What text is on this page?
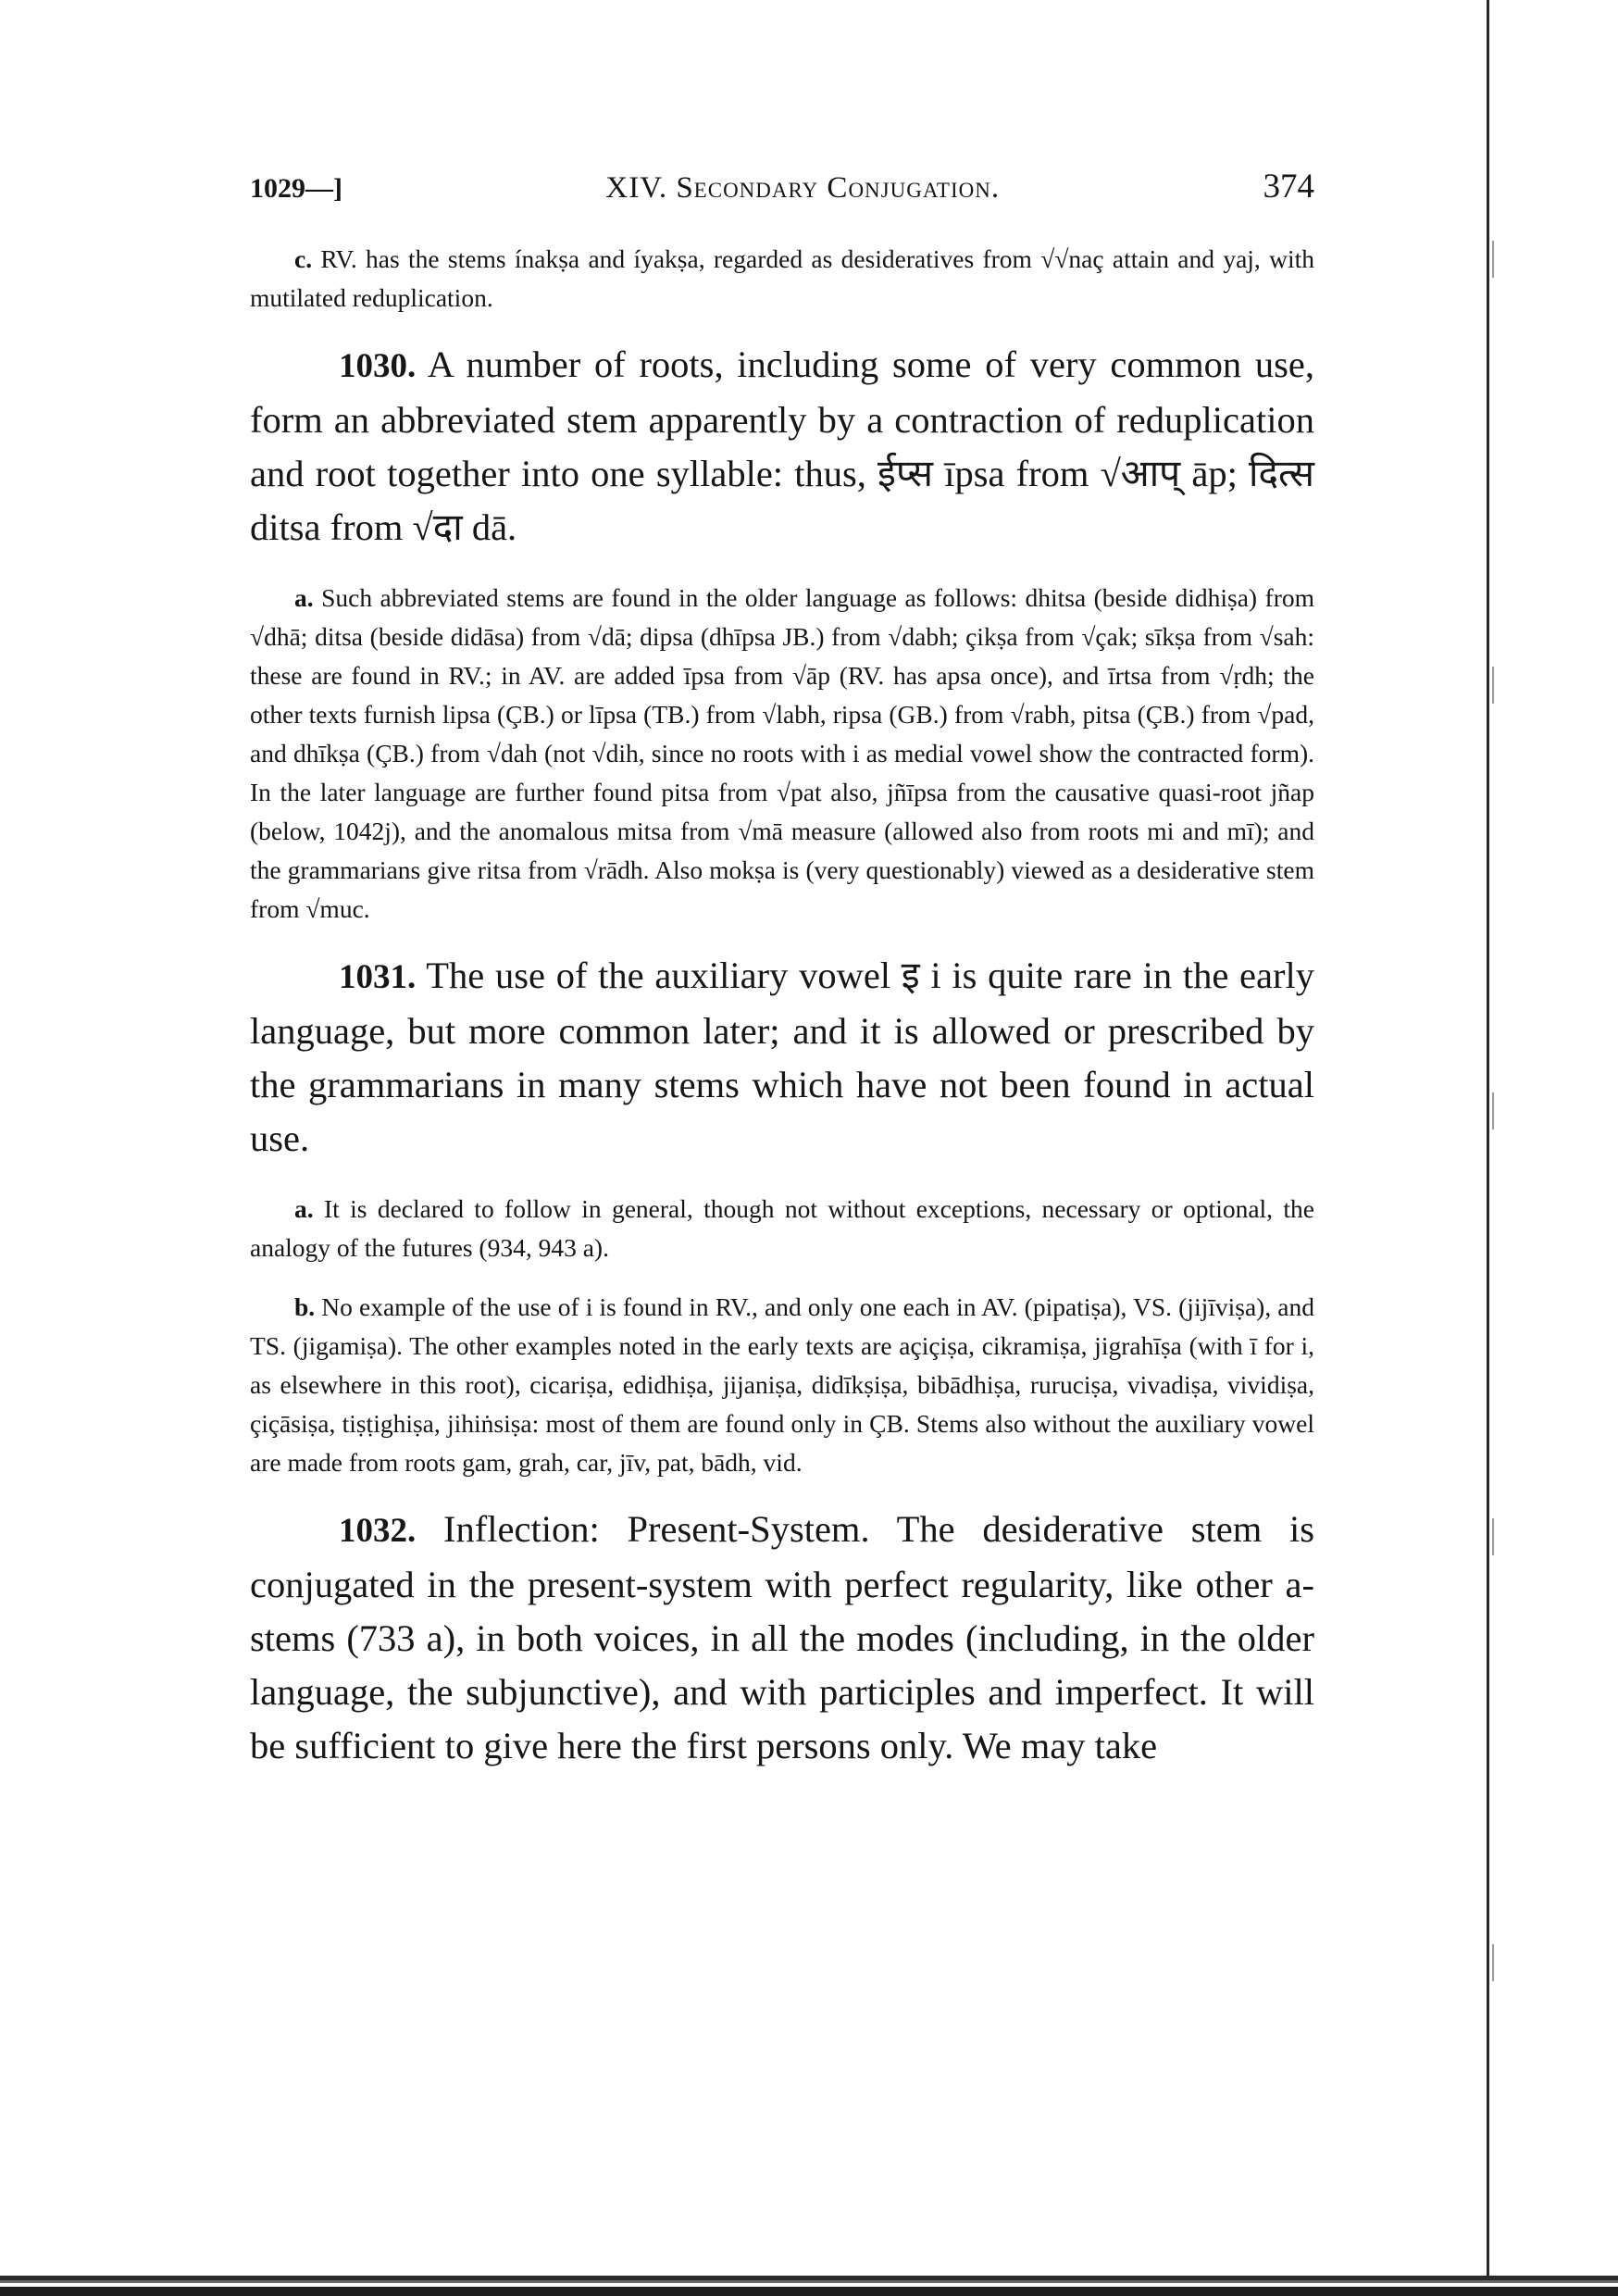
1029—]	XIV. Secondary Conjugation.	374

c. RV. has the stems ínakṣa and íyakṣa, regarded as desideratives from √√naç attain and yaj, with mutilated reduplication.

1030. A number of roots, including some of very common use, form an abbreviated stem apparently by a contraction of reduplication and root together into one syllable: thus, ईप्स īpsa from √आप् āp; दित्स ditsa from √दा dā.

a. Such abbreviated stems are found in the older language as follows: dhitsa (beside didhiṣa) from √dhā; ditsa (beside didāsa) from √dā; dipsa (dhīpsa JB.) from √dabh; çikṣa from √çak; sīkṣa from √sah: these are found in RV.; in AV. are added īpsa from √āp (RV. has apsa once), and īrtsa from √ṛdh; the other texts furnish lipsa (ÇB.) or līpsa (TB.) from √labh, ripsa (GB.) from √rabh, pitsa (ÇB.) from √pad, and dhīkṣa (ÇB.) from √dah (not √dih, since no roots with i as medial vowel show the contracted form). In the later language are further found pitsa from √pat also, jñīpsa from the causative quasi-root jñap (below, 1042j), and the anomalous mitsa from √mā measure (allowed also from roots mi and mī); and the grammarians give ritsa from √rādh. Also mokṣa is (very questionably) viewed as a desiderative stem from √muc.

1031. The use of the auxiliary vowel इ i is quite rare in the early language, but more common later; and it is allowed or prescribed by the grammarians in many stems which have not been found in actual use.

a. It is declared to follow in general, though not without exceptions, necessary or optional, the analogy of the futures (934, 943 a).

b. No example of the use of i is found in RV., and only one each in AV. (pipatiṣa), VS. (jijīviṣa), and TS. (jigamiṣa). The other examples noted in the early texts are açiçiṣa, cikramiṣa, jigrahīṣa (with ī for i, as elsewhere in this root), cicariṣa, edidhiṣa, jijaniṣa, didīkṣiṣa, bibādhiṣa, ruruciṣa, vivadiṣa, vividiṣa, çiçāsiṣa, tiṣṭighiṣa, jihiṅsiṣa: most of them are found only in ÇB. Stems also without the auxiliary vowel are made from roots gam, grah, car, jīv, pat, bādh, vid.

1032. Inflection: Present-System. The desiderative stem is conjugated in the present-system with perfect regularity, like other a-stems (733 a), in both voices, in all the modes (including, in the older language, the subjunctive), and with participles and imperfect. It will be sufficient to give here the first persons only. We may take
